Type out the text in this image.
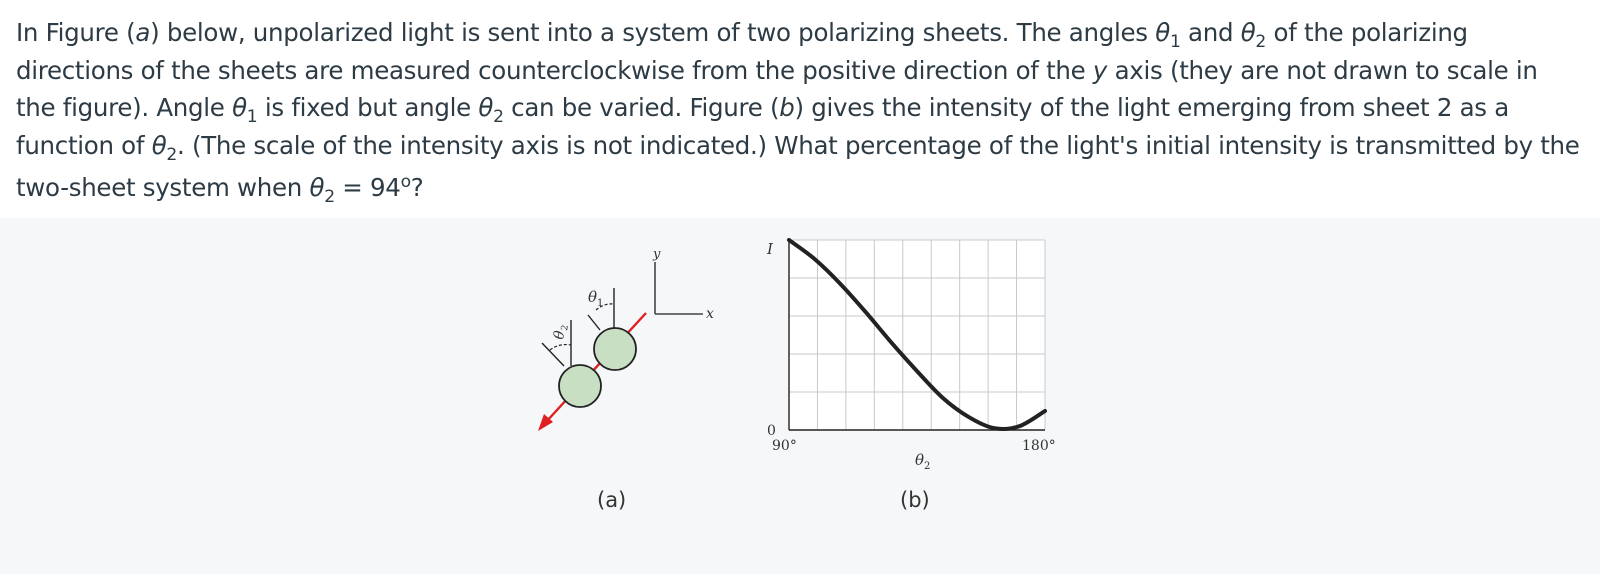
In Figure (a) below, unpolarized light is sent into a system of two polarizing sheets. The angles $\theta_1$ and $\theta_2$ of the polarizing directions of the sheets are measured counterclockwise from the positive direction of the y axis (they are not drawn to scale in the figure). Angle $\theta_1$ is fixed but angle $\theta_2$ can be varied. Figure (b) gives the intensity of the light emerging from sheet 2 as a function of $\theta_2$. (The scale of the intensity axis is not indicated.) What percentage of the light's initial intensity is transmitted by the two-sheet system when $\theta_2 = 94^o$?
y
x
θ 1
θ
2
I
0
90°	180°
θ 2
(a)	(b)
